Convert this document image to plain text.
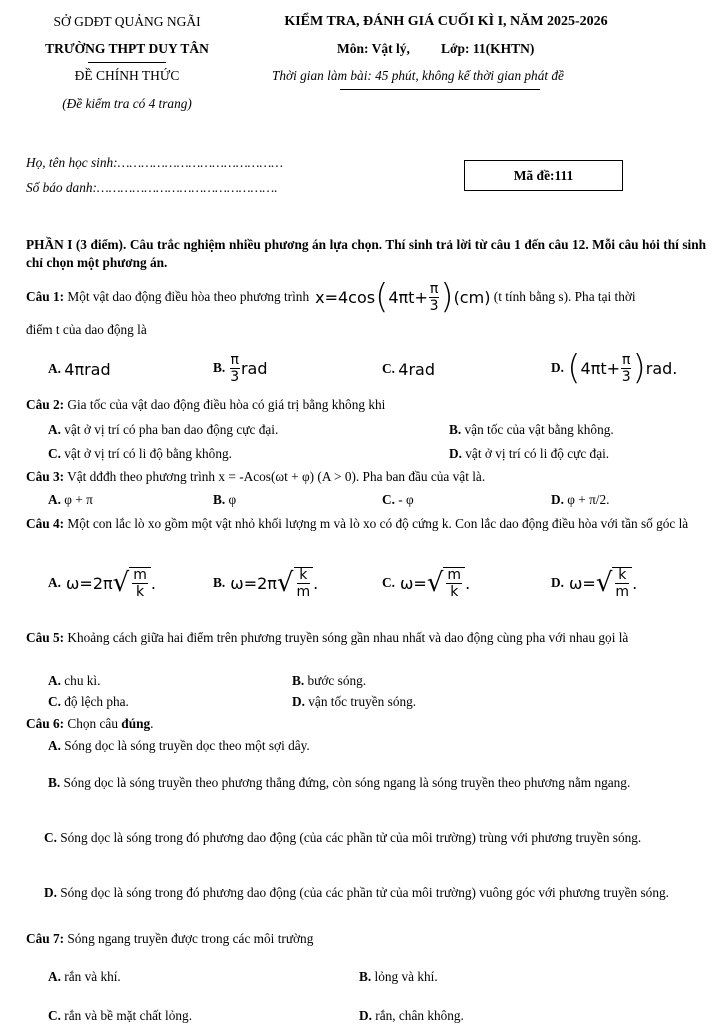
SỞ GDĐT QUẢNG NGÃI
TRƯỜNG THPT DUY TÂN
ĐỀ CHÍNH THỨC
(Đề kiểm tra có 4 trang)
KIỂM TRA, ĐÁNH GIÁ CUỐI KÌ I, NĂM 2025-2026
Môn: Vật lý, Lớp: 11(KHTN)
Thời gian làm bài: 45 phút, không kể thời gian phát đề
Họ, tên học sinh:……………………………………
Số báo danh:……………………………………….
Mã đề:111
PHẦN I (3 điểm). Câu trắc nghiệm nhiều phương án lựa chọn. Thí sinh trả lời từ câu 1 đến câu 12. Mỗi câu hỏi thí sinh chỉ chọn một phương án.
Câu 1:
Một vật dao động điều hòa theo phương trình x=4cos ( $4\pi t+ \frac{\pi}{3}$ ) (cm)
(t tính bằng s). Pha tại thời
điểm t của dao động là
A.
4πrad	B.
$\frac{\pi}{3}$ rad	C.
4rad	D.
( $4\pi t+ \frac{\pi}{3}$ ) rad.
Câu 2: Gia tốc của vật dao động điều hòa có giá trị bằng không khi
A. vật ở vị trí có pha ban dao động cực đại.	B. vận tốc của vật bằng không.
C. vật ở vị trí có li độ bằng không.	D. vật ở vị trí có li độ cực đại.
Câu 3: Vật dđđh theo phương trình x = -Acos(ωt + φ) (A > 0). Pha ban đầu của vật là.
A. φ + π	B. φ	C. - φ	D. φ + π/2.
Câu 4: Một con lắc lò xo gồm một vật nhỏ khối lượng m và lò xo có độ cứng k. Con lắc dao động điều hòa với tần số góc là
A.
ω=2π √ $\frac{m}{k}$ .	B.
ω=2π √ $\frac{k}{m}$ .	C.
ω= √ $\frac{m}{k}$ .	D.
ω= √ $\frac{k}{m}$ .
Câu 5: Khoảng cách giữa hai điểm trên phương truyền sóng gần nhau nhất và dao động cùng pha với nhau gọi là
A. chu kì.	B. bước sóng.
C. độ lệch pha.	D. vận tốc truyền sóng.
Câu 6: Chọn câu đúng.
A. Sóng dọc là sóng truyền dọc theo một sợi dây.
B. Sóng dọc là sóng truyền theo phương thẳng đứng, còn sóng ngang là sóng truyền theo phương nằm ngang.
C. Sóng dọc là sóng trong đó phương dao động (của các phần tử của môi trường) trùng với phương truyền sóng.
D. Sóng dọc là sóng trong đó phương dao động (của các phần tử của môi trường) vuông góc với phương truyền sóng.
Câu 7: Sóng ngang truyền được trong các môi trường
A. rắn và khí.	B. lỏng và khí.
C. rắn và bề mặt chất lỏng.	D. rắn, chân không.
